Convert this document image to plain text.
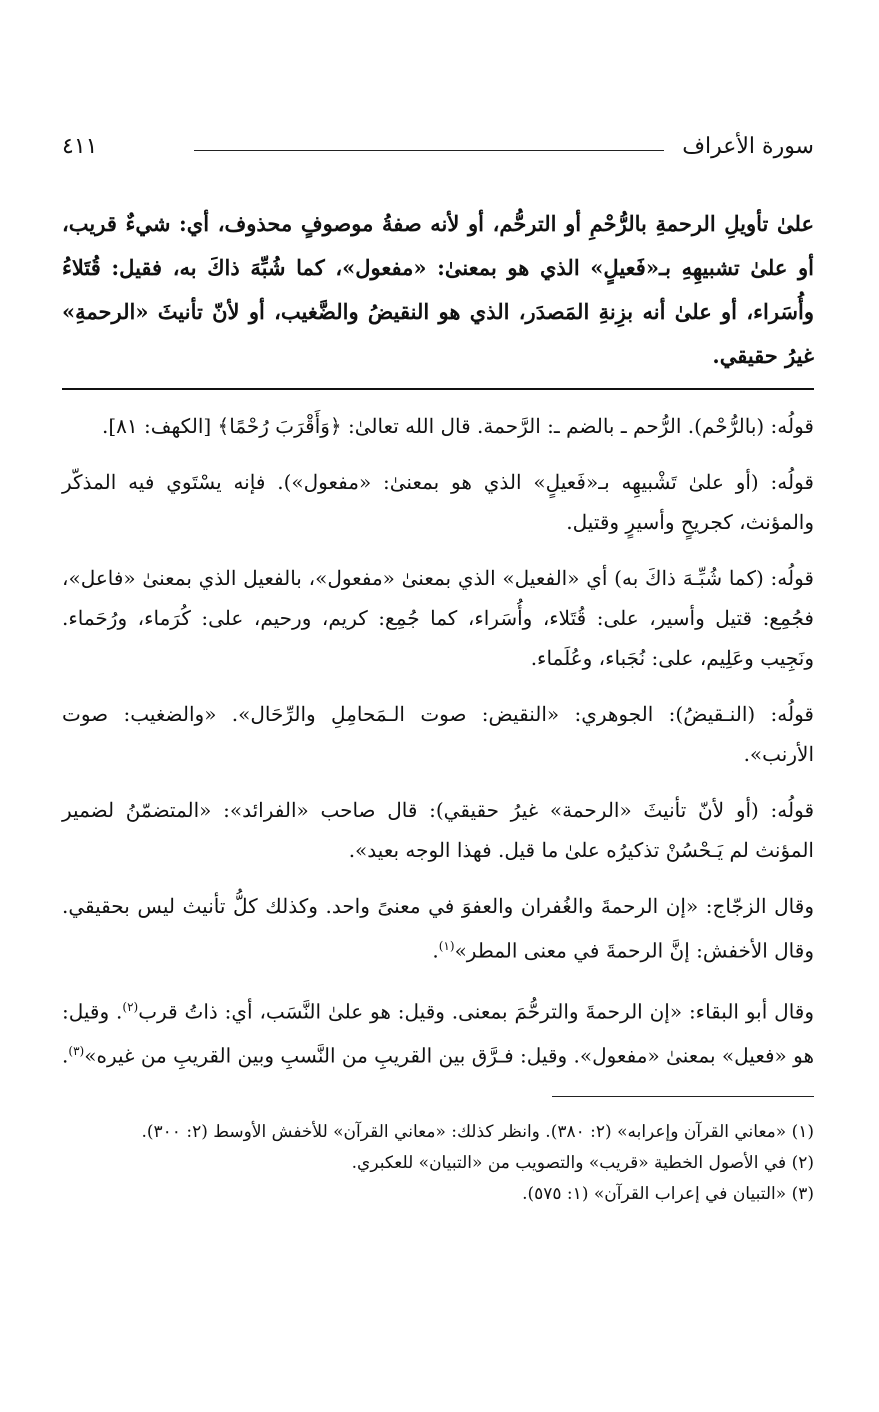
سورة الأعراف
٤١١
علىٰ تأويلِ الرحمةِ بالرُّحْمِ أو الترحُّم، أو لأنه صفةُ موصوفٍ محذوف، أي: شيءٌ قريب، أو علىٰ تشبيهِهِ بـ«فَعيلٍ» الذي هو بمعنىٰ: «مفعول»، كما شُبِّهَ ذاكَ به، فقيل: قُتَلاءُ وأُسَراء، أو علىٰ أنه بزِنةِ المَصدَر، الذي هو النقيضُ والضَّغيب، أو لأنّ تأنيثَ «الرحمةِ» غيرُ حقيقي.

قولُه: (بالرُّحْم). الرُّحم ـ بالضم ـ: الرَّحمة. قال الله تعالىٰ: ﴿وَأَقْرَبَ رُحْمًا﴾ [الكهف: ٨١].

قولُه: (أو علىٰ تَشْبيهِه بـ«فَعيلٍ» الذي هو بمعنىٰ: «مفعول»). فإنه يسْتَوي فيه المذكّر والمؤنث، كجريحٍ وأسيرٍ وقتيل.

قولُه: (كما شُبِّـهَ ذاكَ به) أي «الفعيل» الذي بمعنىٰ «مفعول»، بالفعيل الذي بمعنىٰ «فاعل»، فجُمِع: قتيل وأسير، على: قُتَلاء، وأُسَراء، كما جُمِع: كريم، ورحيم، على: كُرَماء، ورُحَماء. ونَجِيب وعَلِيم، على: نُجَباء، وعُلَماء.

قولُه: (النـقيضُ): الجوهري: «النقيض: صوت الـمَحامِلِ والرِّحَال». «والضغيب: صوت الأرنب».

قولُه: (أو لأنّ تأنيثَ «الرحمة» غيرُ حقيقي): قال صاحب «الفرائد»: «المتضمّنُ لضمير المؤنث لم يَـحْسُنْ تذكيرُه علىٰ ما قيل. فهذا الوجه بعيد».

وقال الزجّاج: «إن الرحمةَ والغُفران والعفوَ في معنىً واحد. وكذلك كلُّ تأنيث ليس بحقيقي. وقال الأخفش: إنَّ الرحمةَ في معنى المطر»$^{(١)}$.

وقال أبو البقاء: «إن الرحمةَ والترحُّمَ بمعنى. وقيل: هو علىٰ النَّسَب، أي: ذاتُ قرب$^{(٢)}$. وقيل: هو «فعيل» بمعنىٰ «مفعول». وقيل: فـرَّق بين القريبِ من النَّسبِ وبين القريبِ من غيره»$^{(٣)}$.

(١) «معاني القرآن وإعرابه» (٢: ٣٨٠). وانظر كذلك: «معاني القرآن» للأخفش الأوسط (٢: ٣٠٠).

(٢) في الأصول الخطية «قريب» والتصويب من «التبيان» للعكبري.

(٣) «التبيان في إعراب القرآن» (١: ٥٧٥).
